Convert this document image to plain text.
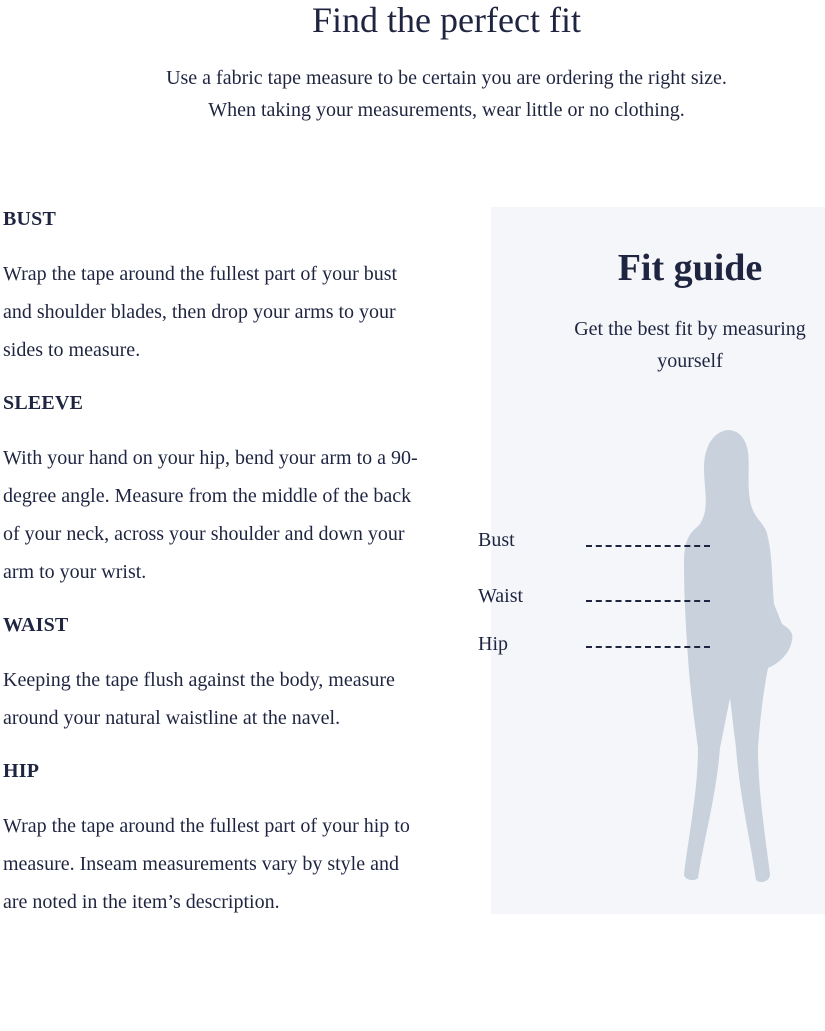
Find the perfect fit

Use a fabric tape measure to be certain you are ordering the right size.
When taking your measurements, wear little or no clothing.

BUST

Wrap the tape around the fullest part of your bust and shoulder blades, then drop your arms to your sides to measure.

SLEEVE

With your hand on your hip, bend your arm to a 90-degree angle. Measure from the middle of the back of your neck, across your shoulder and down your arm to your wrist.

WAIST

Keeping the tape flush against the body, measure around your natural waistline at the navel.

HIP

Wrap the tape around the fullest part of your hip to measure. Inseam measurements vary by style and are noted in the item’s description.

Fit guide

Get the best fit by measuring yourself

Bust
Waist
Hip
